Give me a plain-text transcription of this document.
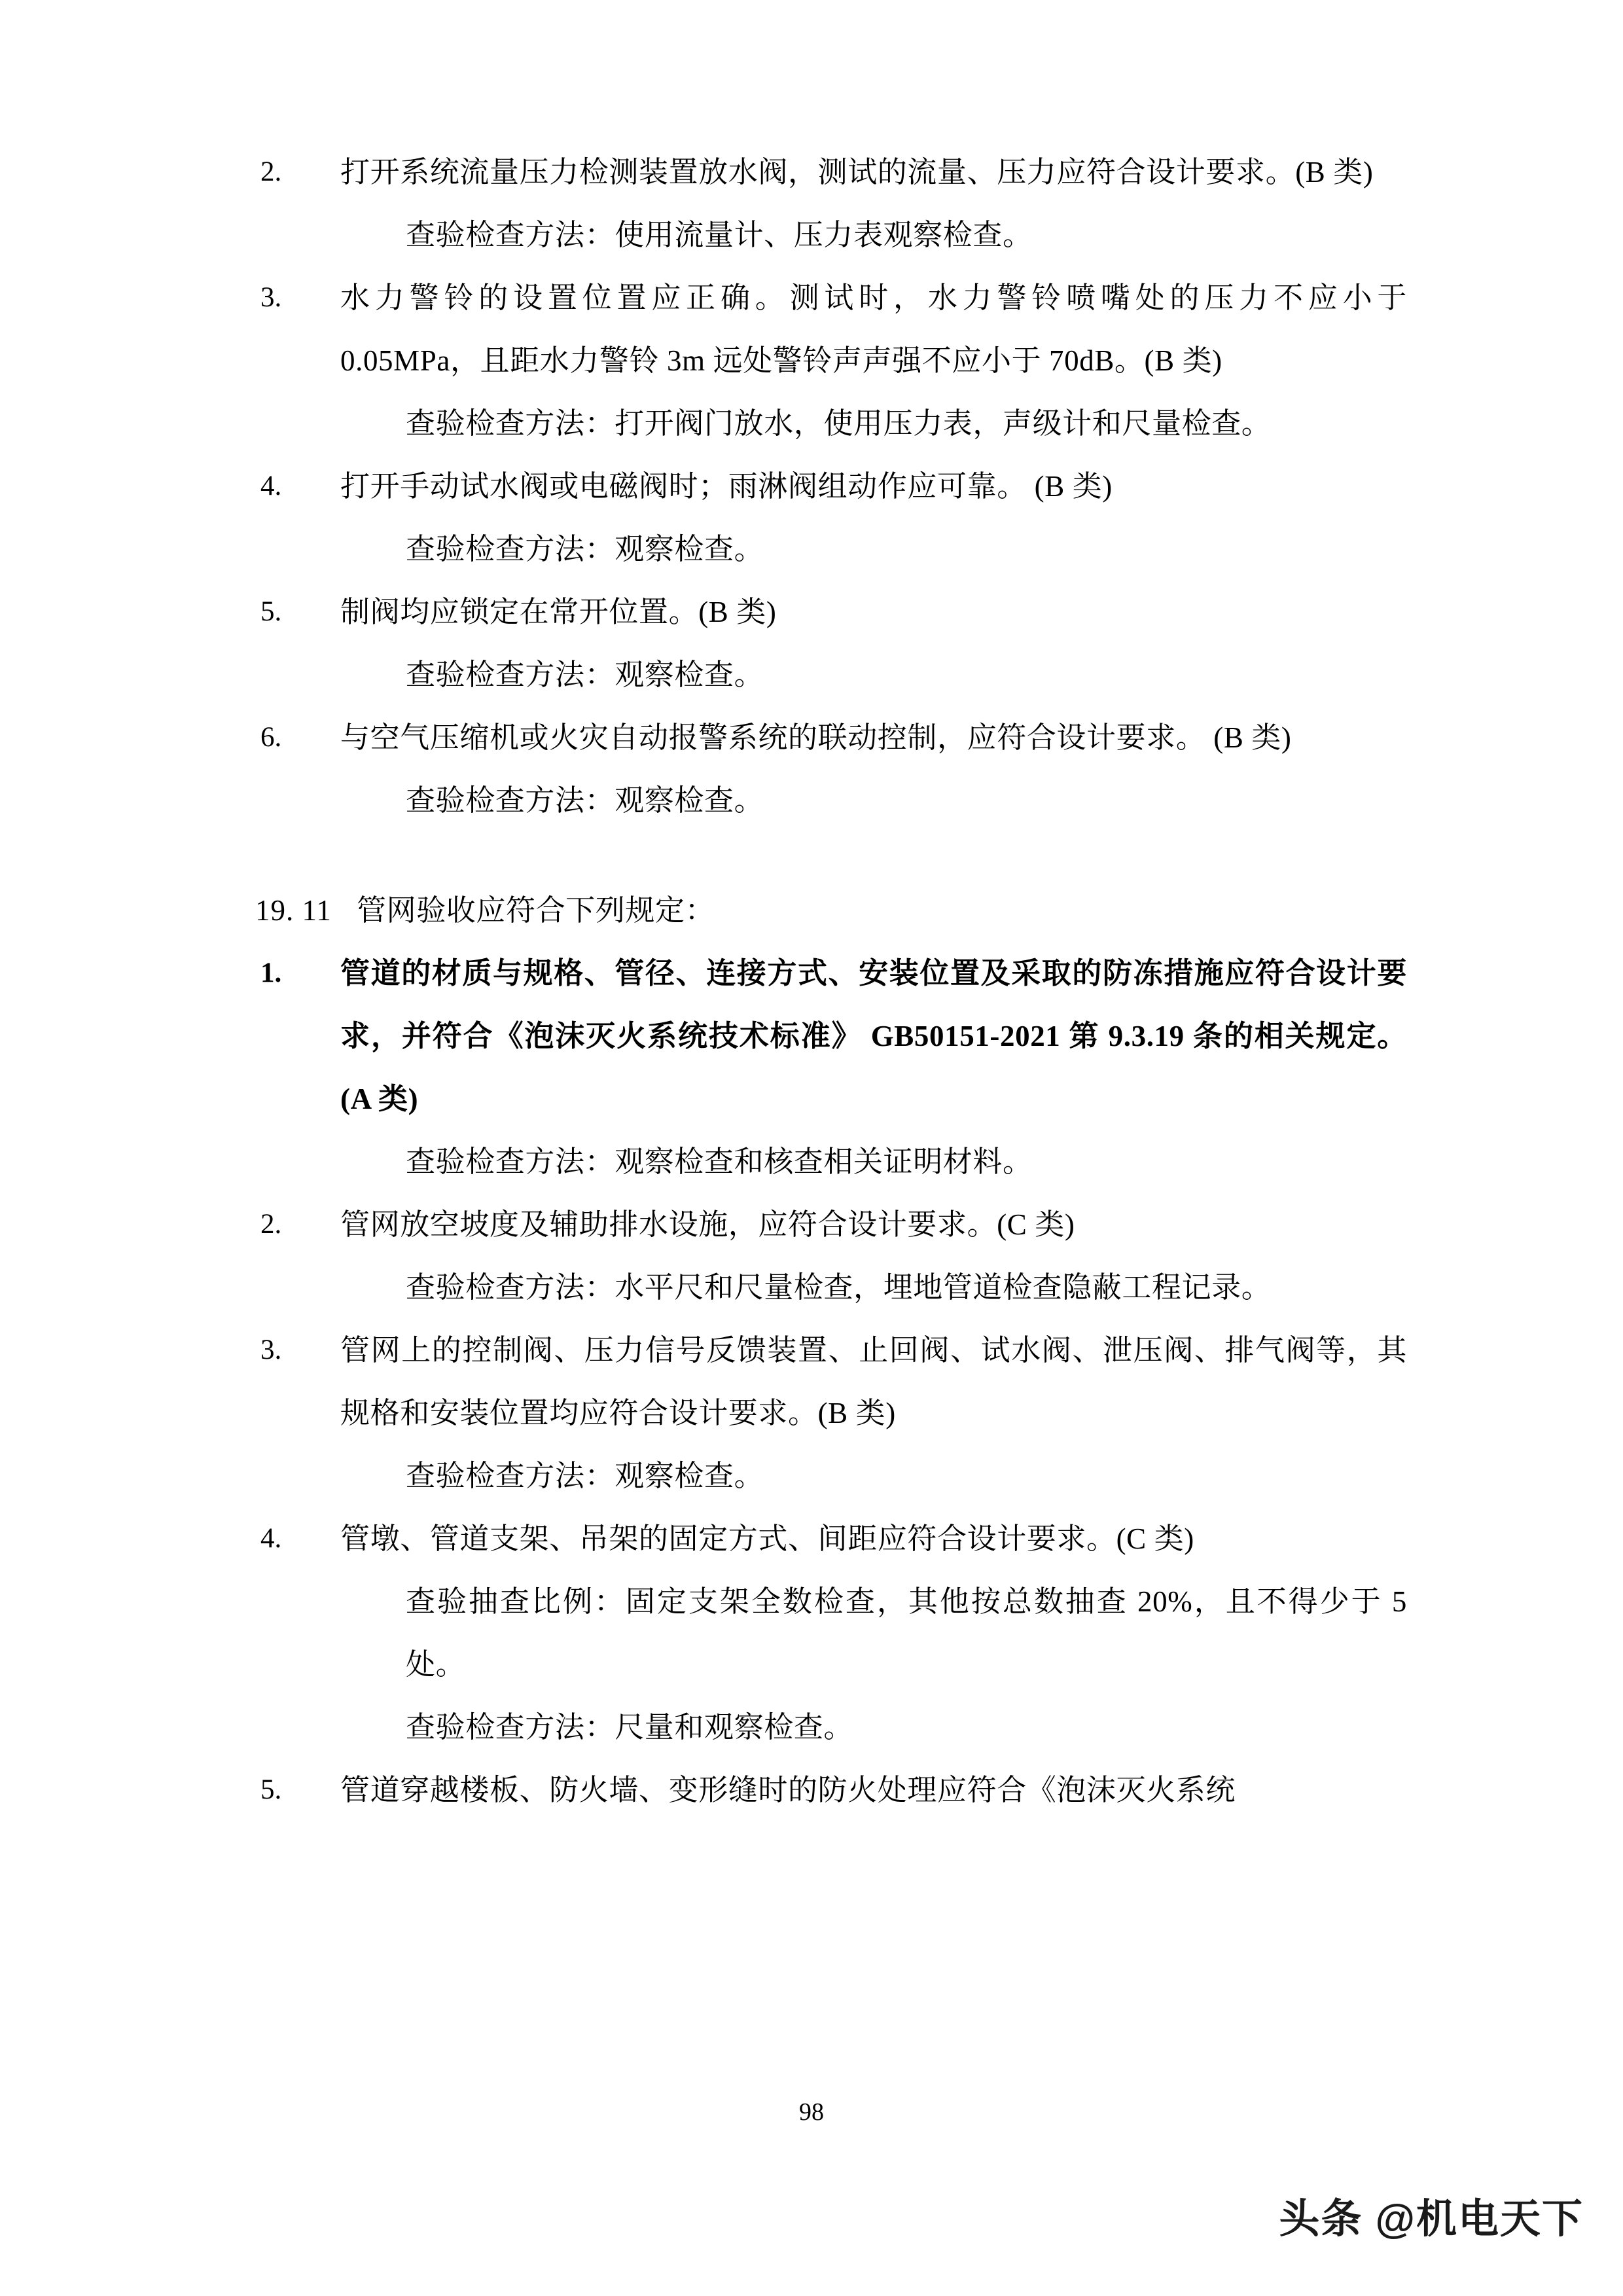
2.	打开系统流量压力检测装置放水阀，测试的流量、压力应符合设计要求。(B 类)
查验检查方法：使用流量计、压力表观察检查。
3.	水力警铃的设置位置应正确。测试时，水力警铃喷嘴处的压力不应小于 0.05MPa，且距水力警铃 3m 远处警铃声声强不应小于 70dB。(B 类)
查验检查方法：打开阀门放水，使用压力表，声级计和尺量检查。
4.	打开手动试水阀或电磁阀时；雨淋阀组动作应可靠。 (B 类)
查验检查方法：观察检查。
5.	制阀均应锁定在常开位置。(B 类)
查验检查方法：观察检查。
6.	与空气压缩机或火灾自动报警系统的联动控制，应符合设计要求。 (B 类)
查验检查方法：观察检查。
19. 11 管网验收应符合下列规定：
1.	管道的材质与规格、管径、连接方式、安装位置及采取的防冻措施应符合设计要求，并符合《泡沫灭火系统技术标准》 GB50151-2021 第 9.3.19 条的相关规定。(A 类)
查验检查方法：观察检查和核查相关证明材料。
2.	管网放空坡度及辅助排水设施，应符合设计要求。(C 类)
查验检查方法：水平尺和尺量检查，埋地管道检查隐蔽工程记录。
3.	管网上的控制阀、压力信号反馈装置、止回阀、试水阀、泄压阀、排气阀等，其规格和安装位置均应符合设计要求。(B 类)
查验检查方法：观察检查。
4.	管墩、管道支架、吊架的固定方式、间距应符合设计要求。(C 类)
查验抽查比例：固定支架全数检查，其他按总数抽查 20%，且不得少于 5 处。
查验检查方法：尺量和观察检查。
5.	管道穿越楼板、防火墙、变形缝时的防火处理应符合《泡沫灭火系统
98
头条 @机电天下
